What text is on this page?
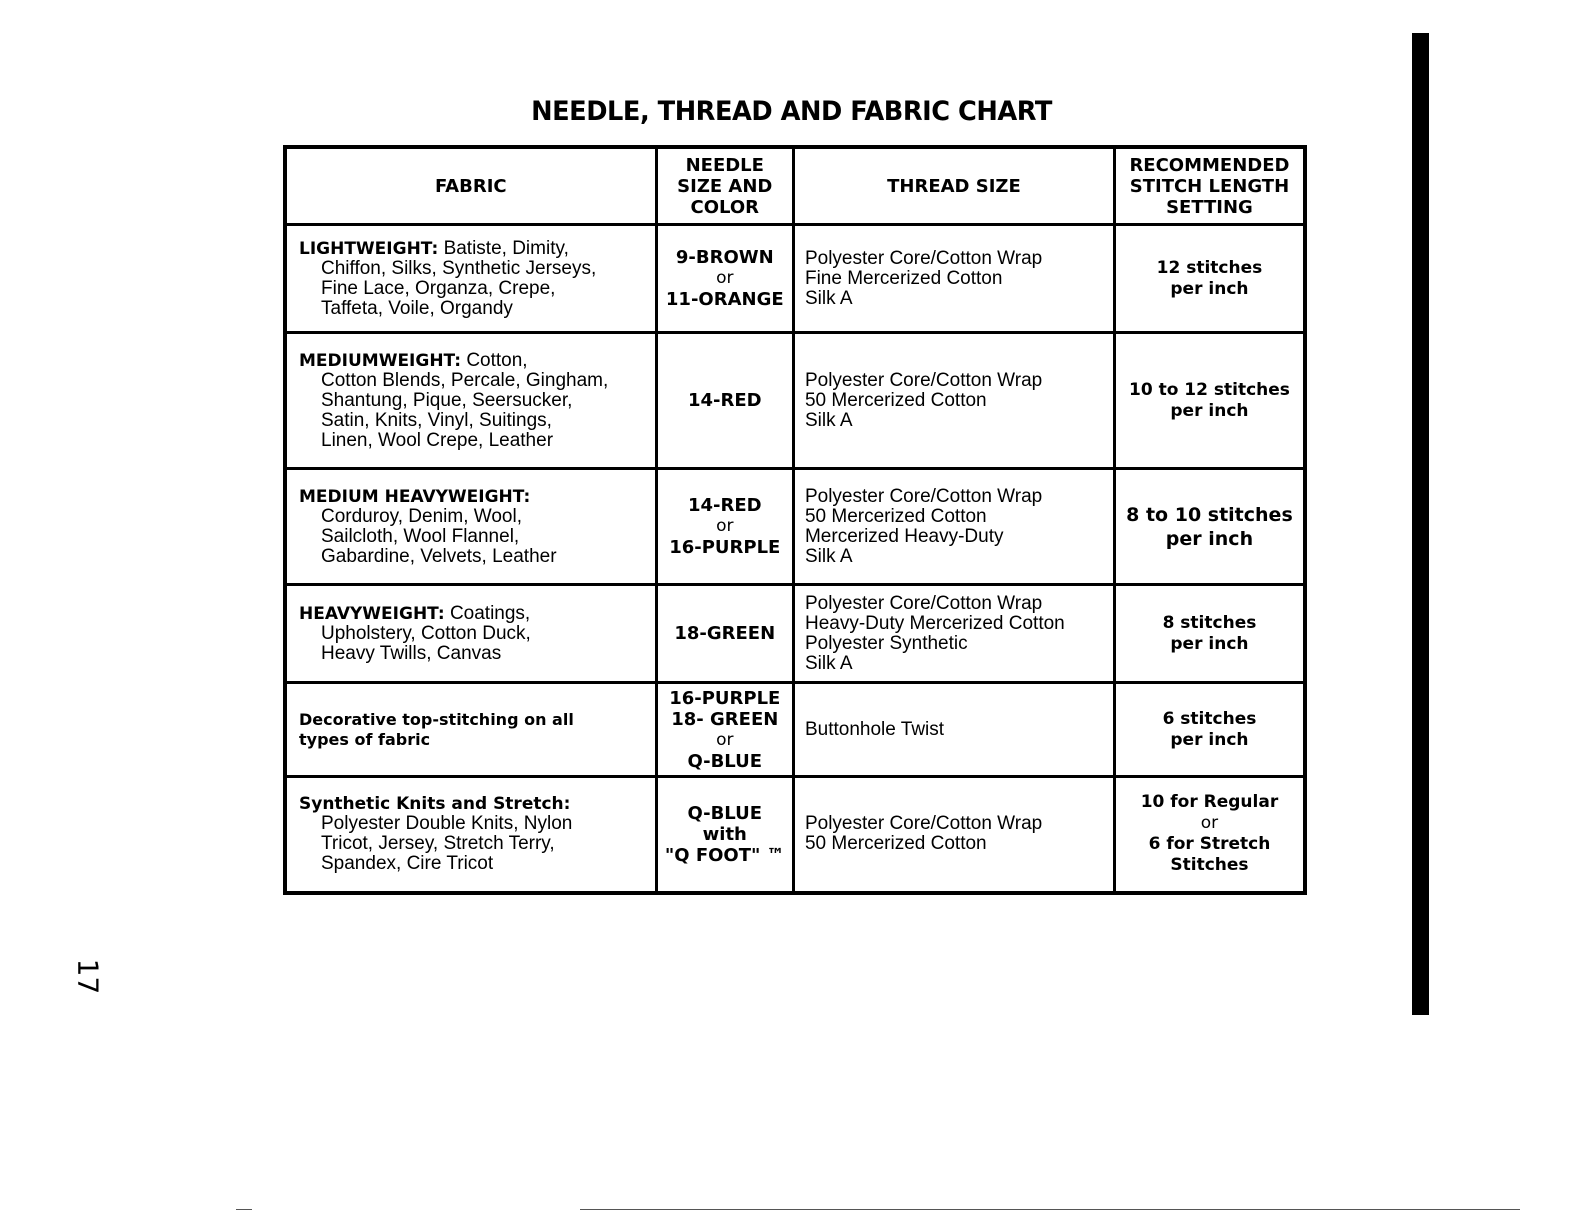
NEEDLE, THREAD AND FABRIC CHART
17
FABRIC	NEEDLE
SIZE AND
COLOR	THREAD SIZE	RECOMMENDED
STITCH LENGTH
SETTING

LIGHTWEIGHT: Batiste, Dimity,
Chiffon, Silks, Synthetic Jerseys,
Fine Lace, Organza, Crepe,
Taffeta, Voile, Organdy	9-BROWN
or
11-ORANGE	Polyester Core/Cotton Wrap
Fine Mercerized Cotton
Silk A	12 stitches
per inch

MEDIUMWEIGHT: Cotton,
Cotton Blends, Percale, Gingham,
Shantung, Pique, Seersucker,
Satin, Knits, Vinyl, Suitings,
Linen, Wool Crepe, Leather	14-RED	Polyester Core/Cotton Wrap
50 Mercerized Cotton
Silk A	10 to 12 stitches
per inch

MEDIUM HEAVYWEIGHT:
Corduroy, Denim, Wool,
Sailcloth, Wool Flannel,
Gabardine, Velvets, Leather	14-RED
or
16-PURPLE	Polyester Core/Cotton Wrap
50 Mercerized Cotton
Mercerized Heavy-Duty
Silk A	8 to 10 stitches
per inch

HEAVYWEIGHT: Coatings,
Upholstery, Cotton Duck,
Heavy Twills, Canvas	18-GREEN	Polyester Core/Cotton Wrap
Heavy-Duty Mercerized Cotton
Polyester Synthetic
Silk A	8 stitches
per inch

Decorative top-stitching on all
types of fabric	16-PURPLE
18- GREEN
or
Q-BLUE	Buttonhole Twist	6 stitches
per inch

Synthetic Knits and Stretch:
Polyester Double Knits, Nylon
Tricot, Jersey, Stretch Terry,
Spandex, Cire Tricot	Q-BLUE
with
"Q FOOT" ™	Polyester Core/Cotton Wrap
50 Mercerized Cotton	10 for Regular
or
6 for Stretch
Stitches
